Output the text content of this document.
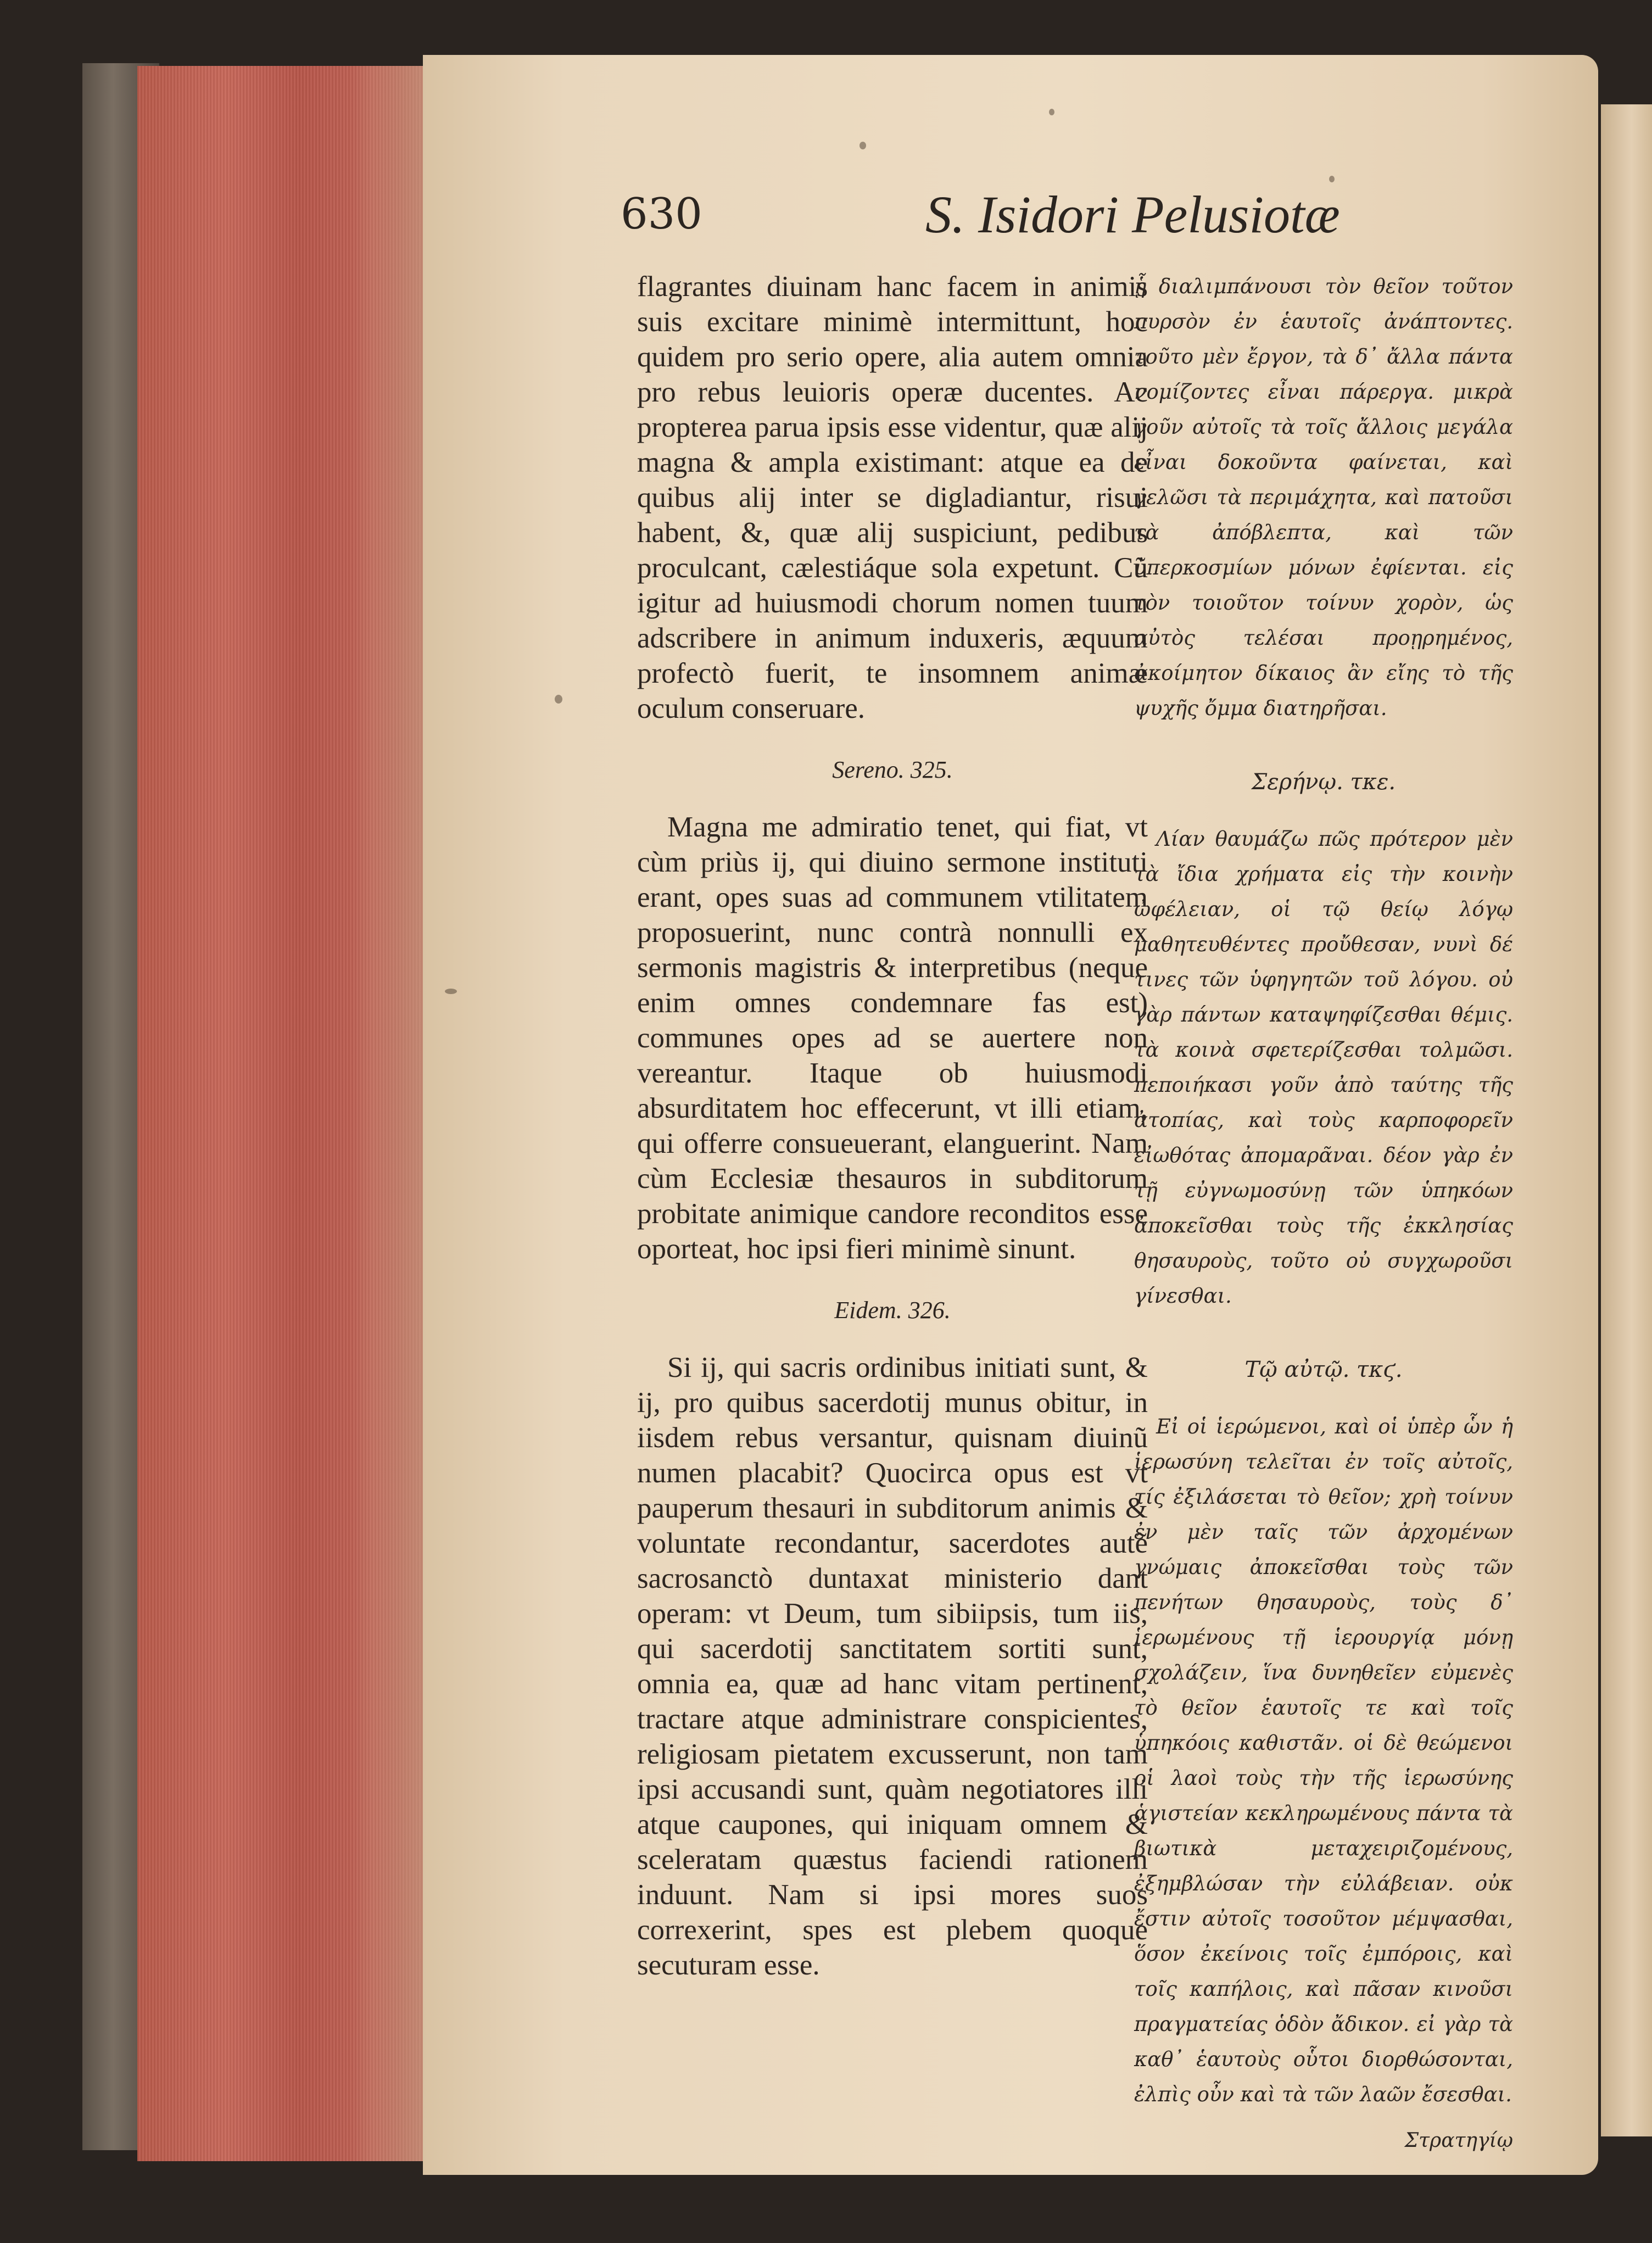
630	S. Isidori Pelusiotæ

flagrantes diuinam hanc facem in animis suis excitare minimè intermittunt, hoc quidem pro serio opere, alia autem omnia pro rebus leuioris operæ ducentes. Ac propterea parua ipsis esse videntur, quæ alij magna & ampla existimant: atque ea de quibus alij inter se digladiantur, risui habent, &, quæ alij suspiciunt, pedibus proculcant, cælestiáque sola expetunt. Cũ igitur ad huiusmodi chorum nomen tuum adscribere in animum induxeris, æquum profectò fuerit, te insomnem animæ oculum conseruare.

Sereno. 325.

Magna me admiratio tenet, qui fiat, vt cùm priùs ij, qui diuino sermone instituti erant, opes suas ad communem vtilitatem proposuerint, nunc contrà nonnulli ex sermonis magistris & interpretibus (neque enim omnes condemnare fas est) communes opes ad se auertere non vereantur. Itaque ob huiusmodi absurditatem hoc effecerunt, vt illi etiam, qui offerre consueuerant, elanguerint. Nam cùm Ecclesiæ thesauros in subditorum probitate animique candore reconditos esse oporteat, hoc ipsi fieri minimè sinunt.

Eidem. 326.

Si ij, qui sacris ordinibus initiati sunt, & ij, pro quibus sacerdotij munus obitur, in iisdem rebus versantur, quisnam diuinũ numen placabit? Quocirca opus est vt pauperum thesauri in subditorum animis & voluntate recondantur, sacerdotes autẽ sacrosanctò duntaxat ministerio dant operam: vt Deum, tum sibiipsis, tum iis, qui sacerdotij sanctitatem sortiti sunt, omnia ea, quæ ad hanc vitam pertinent, tractare atque administrare conspicientes, religiosam pietatem excusserunt, non tam ipsi accusandi sunt, quàm negotiatores illi atque caupones, qui iniquam omnem & sceleratam quæstus faciendi rationem induunt. Nam si ipsi mores suos correxerint, spes est plebem quoque secuturam esse.

ᾗ διαλιμπάνουσι τὸν θεῖον τοῦτον πυρσὸν ἐν ἑαυτοῖς ἀνάπτοντες. τοῦτο μὲν ἔργον, τὰ δ᾽ ἄλλα πάντα νομίζοντες εἶναι πάρεργα. μικρὰ γοῦν αὐτοῖς τὰ τοῖς ἄλλοις μεγάλα εἶναι δοκοῦντα φαίνεται, καὶ γελῶσι τὰ περιμάχητα, καὶ πατοῦσι τὰ ἀπόβλεπτα, καὶ τῶν ὑπερκοσμίων μόνων ἐφίενται. εἰς τὸν τοιοῦτον τοίνυν χορὸν, ὡς αὐτὸς τελέσαι προῃρημένος, ἀκοίμητον δίκαιος ἂν εἴης τὸ τῆς ψυχῆς ὄμμα διατηρῆσαι.

Σερήνῳ. τκε.

Λίαν θαυμάζω πῶς πρότερον μὲν τὰ ἴδια χρήματα εἰς τὴν κοινὴν ὠφέλειαν, οἱ τῷ θείῳ λόγῳ μαθητευθέντες προὔθεσαν, νυνὶ δέ τινες τῶν ὑφηγητῶν τοῦ λόγου. οὐ γὰρ πάντων καταψηφίζεσθαι θέμις. τὰ κοινὰ σφετερίζεσθαι τολμῶσι. πεποιήκασι γοῦν ἀπὸ ταύτης τῆς ἀτοπίας, καὶ τοὺς καρποφορεῖν εἰωθότας ἀπομαρᾶναι. δέον γὰρ ἐν τῇ εὐγνωμοσύνῃ τῶν ὑπηκόων ἀποκεῖσθαι τοὺς τῆς ἐκκλησίας θησαυροὺς, τοῦτο οὐ συγχωροῦσι γίνεσθαι.

Τῷ αὐτῷ. τκϛ.

Εἰ οἱ ἱερώμενοι, καὶ οἱ ὑπὲρ ὧν ἡ ἱερωσύνη τελεῖται ἐν τοῖς αὐτοῖς, τίς ἐξιλάσεται τὸ θεῖον; χρὴ τοίνυν ἐν μὲν ταῖς τῶν ἀρχομένων γνώμαις ἀποκεῖσθαι τοὺς τῶν πενήτων θησαυροὺς, τοὺς δ᾽ ἱερωμένους τῇ ἱερουργίᾳ μόνῃ σχολάζειν, ἵνα δυνηθεῖεν εὐμενὲς τὸ θεῖον ἑαυτοῖς τε καὶ τοῖς ὑπηκόοις καθιστᾶν. οἱ δὲ θεώμενοι οἱ λαοὶ τοὺς τὴν τῆς ἱερωσύνης ἁγιστείαν κεκληρωμένους πάντα τὰ βιωτικὰ μεταχειριζομένους, ἐξημβλώσαν τὴν εὐλάβειαν. οὐκ ἔστιν αὐτοῖς τοσοῦτον μέμψασθαι, ὅσον ἐκείνοις τοῖς ἐμπόροις, καὶ τοῖς καπήλοις, καὶ πᾶσαν κινοῦσι πραγματείας ὁδὸν ἄδικον. εἰ γὰρ τὰ καθ᾽ ἑαυτοὺς οὗτοι διορθώσονται, ἐλπὶς οὖν καὶ τὰ τῶν λαῶν ἔσεσθαι.

Στρατηγίῳ
